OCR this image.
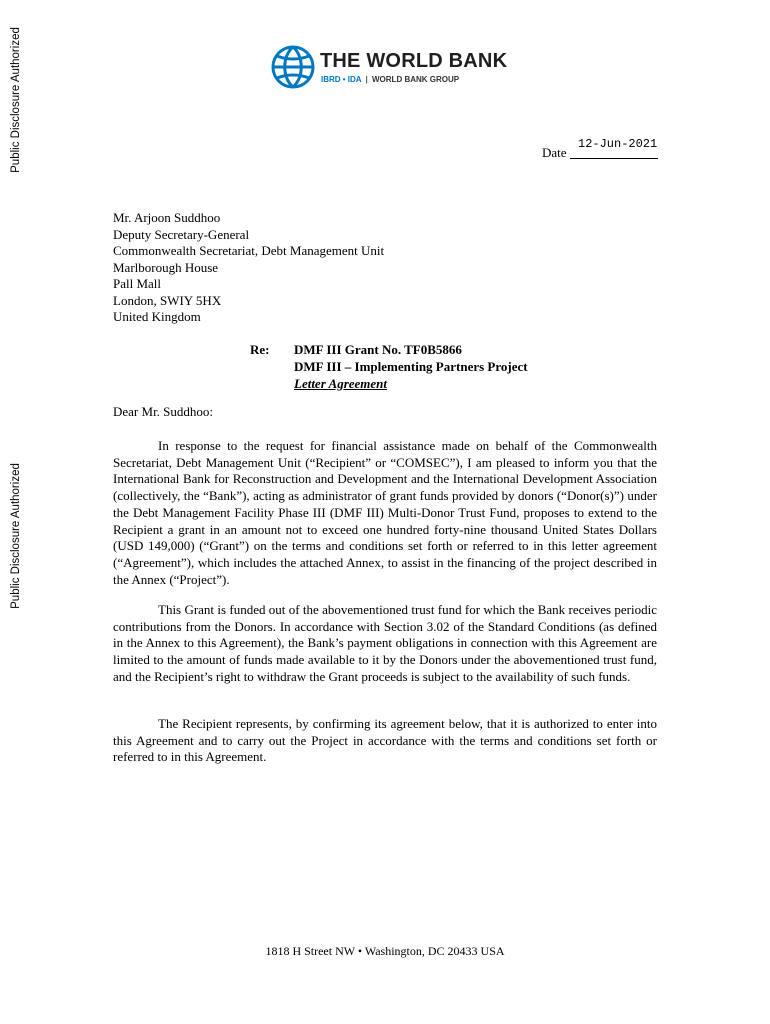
Public Disclosure Authorized
Public Disclosure Authorized
THE WORLD BANK
IBRD • IDA | WORLD BANK GROUP
Date
12-Jun-2021
Mr. Arjoon Suddhoo
Deputy Secretary-General
Commonwealth Secretariat, Debt Management Unit
Marlborough House
Pall Mall
London, SWIY 5HX
United Kingdom
Re: DMF III Grant No. TF0B5866
DMF III – Implementing Partners Project
Letter Agreement
Dear Mr. Suddhoo:

In response to the request for financial assistance made on behalf of the Commonwealth Secretariat, Debt Management Unit (“Recipient” or “COMSEC”), I am pleased to inform you that the International Bank for Reconstruction and Development and the International Development Association (collectively, the “Bank”), acting as administrator of grant funds provided by donors (“Donor(s)”) under the Debt Management Facility Phase III (DMF III) Multi-Donor Trust Fund, proposes to extend to the Recipient a grant in an amount not to exceed one hundred forty-nine thousand United States Dollars (USD 149,000) (“Grant”) on the terms and conditions set forth or referred to in this letter agreement (“Agreement”), which includes the attached Annex, to assist in the financing of the project described in the Annex (“Project”).

This Grant is funded out of the abovementioned trust fund for which the Bank receives periodic contributions from the Donors. In accordance with Section 3.02 of the Standard Conditions (as defined in the Annex to this Agreement), the Bank’s payment obligations in connection with this Agreement are limited to the amount of funds made available to it by the Donors under the abovementioned trust fund, and the Recipient’s right to withdraw the Grant proceeds is subject to the availability of such funds.

The Recipient represents, by confirming its agreement below, that it is authorized to enter into this Agreement and to carry out the Project in accordance with the terms and conditions set forth or referred to in this Agreement.

1818 H Street NW • Washington, DC 20433 USA
